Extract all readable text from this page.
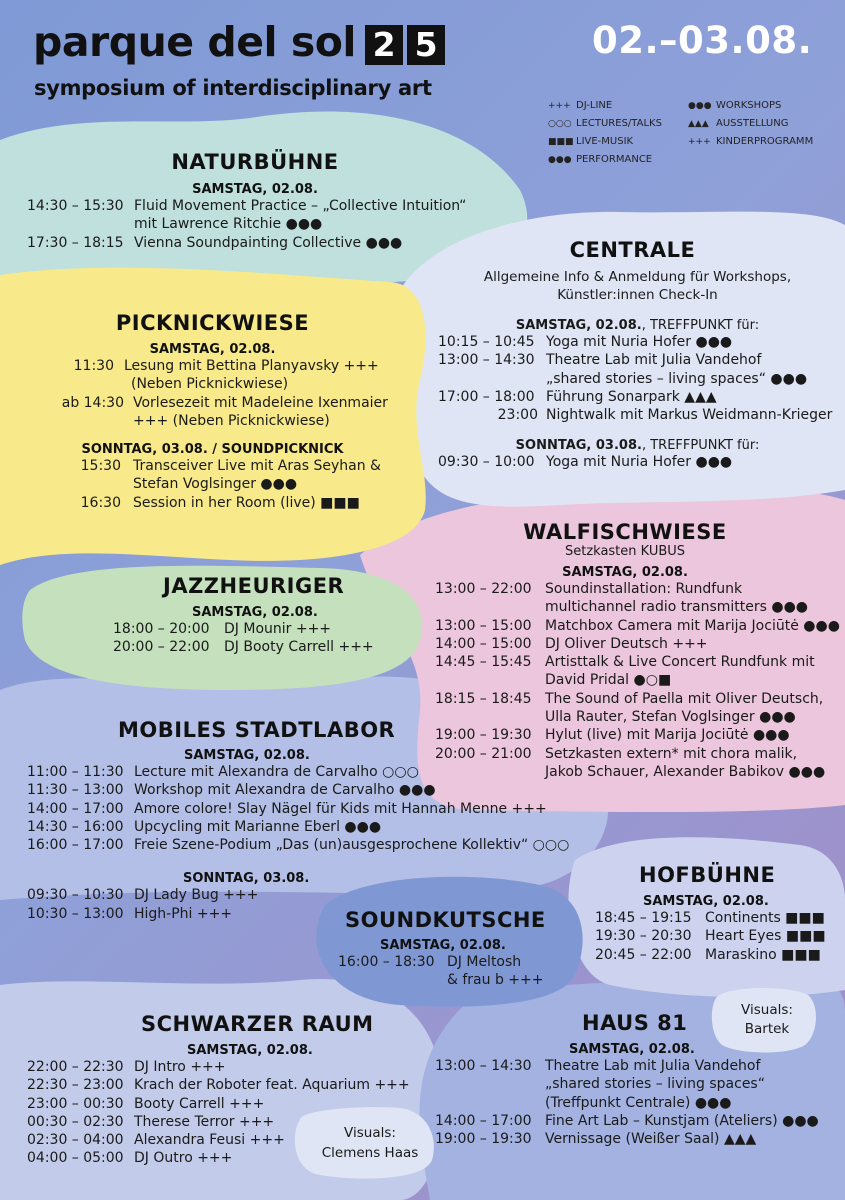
parque del sol 2 5
symposium of interdisciplinary art
02.–03.08.
+++ DJ-LINE
○○○ LECTURES/TALKS
■■■ LIVE-MUSIK
●●● PERFORMANCE
●●● WORKSHOPS
▲▲▲ AUSSTELLUNG
+++ KINDERPROGRAMM
NATURBÜHNE
SAMSTAG, 02.08.
14:30 – 15:30 Fluid Movement Practice – „Collective Intuition“
mit Lawrence Ritchie ●●●
17:30 – 18:15 Vienna Soundpainting Collective ●●●	CENTRALE
Allgemeine Info & Anmeldung für Workshops,
Künstler:innen Check-In
SAMSTAG, 02.08., TREFFPUNKT für:
10:15 – 10:45 Yoga mit Nuria Hofer ●●●
13:00 – 14:30 Theatre Lab mit Julia Vandehof
„shared stories – living spaces“ ●●●
17:00 – 18:00 Führung Sonarpark ▲▲▲
23:00 Nightwalk mit Markus Weidmann-Krieger
SONNTAG, 03.08., TREFFPUNKT für:
09:30 – 10:00 Yoga mit Nuria Hofer ●●●
PICKNICKWIESE
SAMSTAG, 02.08.
11:30 Lesung mit Bettina Planyavsky +++
(Neben Picknickwiese)
ab 14:30 Vorlesezeit mit Madeleine Ixenmaier
+++ (Neben Picknickwiese)
SONNTAG, 03.08. / SOUNDPICKNICK
15:30 Transceiver Live mit Aras Seyhan &
Stefan Voglsinger ●●●
16:30 Session in her Room (live) ■■■
WALFISCHWIESE
Setzkasten KUBUS
SAMSTAG, 02.08.
13:00 – 22:00 Soundinstallation: Rundfunk
multichannel radio transmitters ●●●
13:00 – 15:00 Matchbox Camera mit Marija Jociūtė ●●●
14:00 – 15:00 DJ Oliver Deutsch +++
14:45 – 15:45 Artisttalk & Live Concert Rundfunk mit
David Pridal ●○■
18:15 – 18:45 The Sound of Paella mit Oliver Deutsch,
Ulla Rauter, Stefan Voglsinger ●●●
19:00 – 19:30 Hylut (live) mit Marija Jociūtė ●●●
20:00 – 21:00 Setzkasten extern* mit chora malik,
Jakob Schauer, Alexander Babikov ●●●
JAZZHEURIGER
SAMSTAG, 02.08.
18:00 – 20:00 DJ Mounir +++
20:00 – 22:00 DJ Booty Carrell +++
MOBILES STADTLABOR
SAMSTAG, 02.08.
11:00 – 11:30 Lecture mit Alexandra de Carvalho ○○○
11:30 – 13:00 Workshop mit Alexandra de Carvalho ●●●
14:00 – 17:00 Amore colore! Slay Nägel für Kids mit Hannah Menne +++
14:30 – 16:00 Upcycling mit Marianne Eberl ●●●
16:00 – 17:00 Freie Szene-Podium „Das (un)ausgesprochene Kollektiv“ ○○○
SONNTAG, 03.08.
09:30 – 10:30 DJ Lady Bug +++
10:30 – 13:00 High-Phi +++
HOFBÜHNE
SAMSTAG, 02.08.
18:45 – 19:15 Continents ■■■
19:30 – 20:30 Heart Eyes ■■■
20:45 – 22:00 Maraskino ■■■
SOUNDKUTSCHE
SAMSTAG, 02.08.
16:00 – 18:30 DJ Meltosh
& frau b +++
SCHWARZER RAUM
SAMSTAG, 02.08.
22:00 – 22:30 DJ Intro +++
22:30 – 23:00 Krach der Roboter feat. Aquarium +++
23:00 – 00:30 Booty Carrell +++
00:30 – 02:30 Therese Terror +++
02:30 – 04:00 Alexandra Feusi +++
04:00 – 05:00 DJ Outro +++
Visuals:
Clemens Haas
HAUS 81
SAMSTAG, 02.08.
13:00 – 14:30 Theatre Lab mit Julia Vandehof
„shared stories – living spaces“
(Treffpunkt Centrale) ●●●
14:00 – 17:00 Fine Art Lab – Kunstjam (Ateliers) ●●●
19:00 – 19:30 Vernissage (Weißer Saal) ▲▲▲
Visuals:
Bartek
